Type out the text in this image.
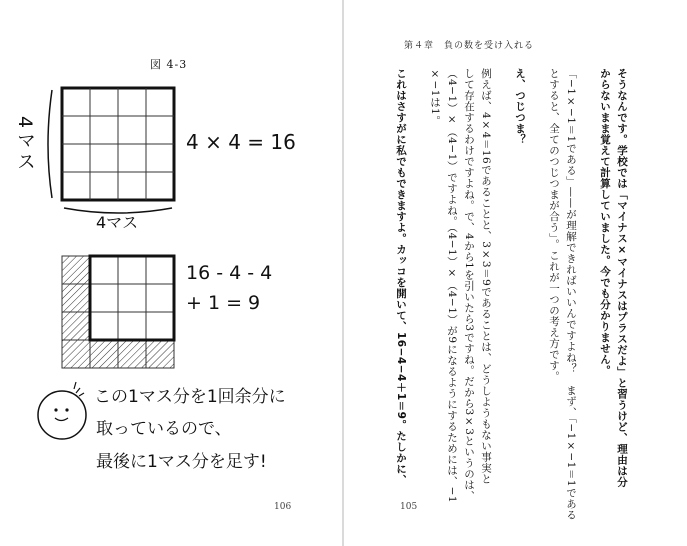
図 4-3
4マス
4マス
4 × 4 = 16
16 - 4 - 4
+ 1 = 9
この1マス分を1回余分に
取っているので、
最後に1マス分を足す!
106
第４章　負の数を受け入れる
そうなんです。学校では「マイナス×マイナスはプラスだよ」と習うけど、理由は分
からないまま覚えて計算していました。今でも分かりません。
「−1×−1＝1である」——が理解できればいいんですよね？　まず、「−1×−1＝1である
とすると、全てのつじつまが合う」。これが一つの考え方です。
え、つじつま？
例えば、4×4＝16であることと、3×3＝9であることは、どうしようもない事実と
して存在するわけですよね。で、4から1を引いたら3ですね。だから3×3というのは、
（4−1）×（4−1）ですよね。（4−1）×（4−1）が9になるようにするためには、−1
×−1は1。
これはさすがに私でもできますよ。カッコを開いて、16−4−4＋1＝9。たしかに、
105
